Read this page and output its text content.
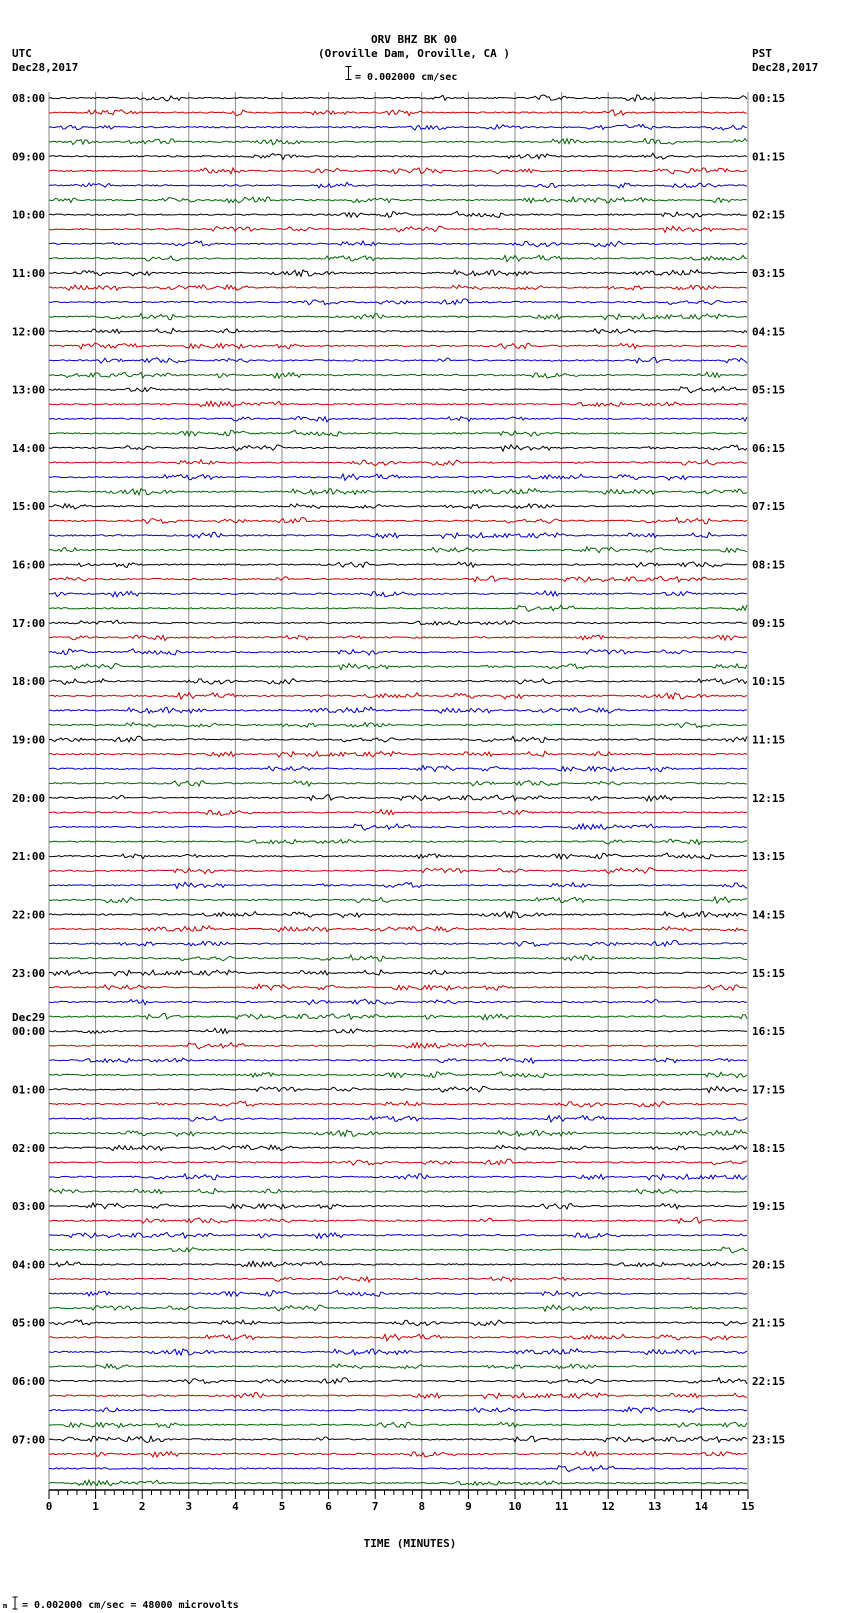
0	1	2	3	4	5	6	7	8	9	10	11	12	13	14	15
08:00
09:00
10:00
11:00
12:00
13:00
14:00
15:00
16:00
17:00
18:00
19:00
20:00
21:00
22:00
23:00
00:00
Dec29
01:00
02:00
03:00
04:00
05:00
06:00
07:00
00:15
01:15
02:15
03:15
04:15
05:15
06:15
07:15
08:15
09:15
10:15
11:15
12:15
13:15
14:15
15:15
16:15
17:15
18:15
19:15
20:15
21:15
22:15
23:15
ORV BHZ BK 00
(Oroville Dam, Oroville, CA )
= 0.002000 cm/sec
UTC
Dec28,2017
PST
Dec28,2017
TIME (MINUTES)
m = 0.002000 cm/sec = 48000 microvolts
